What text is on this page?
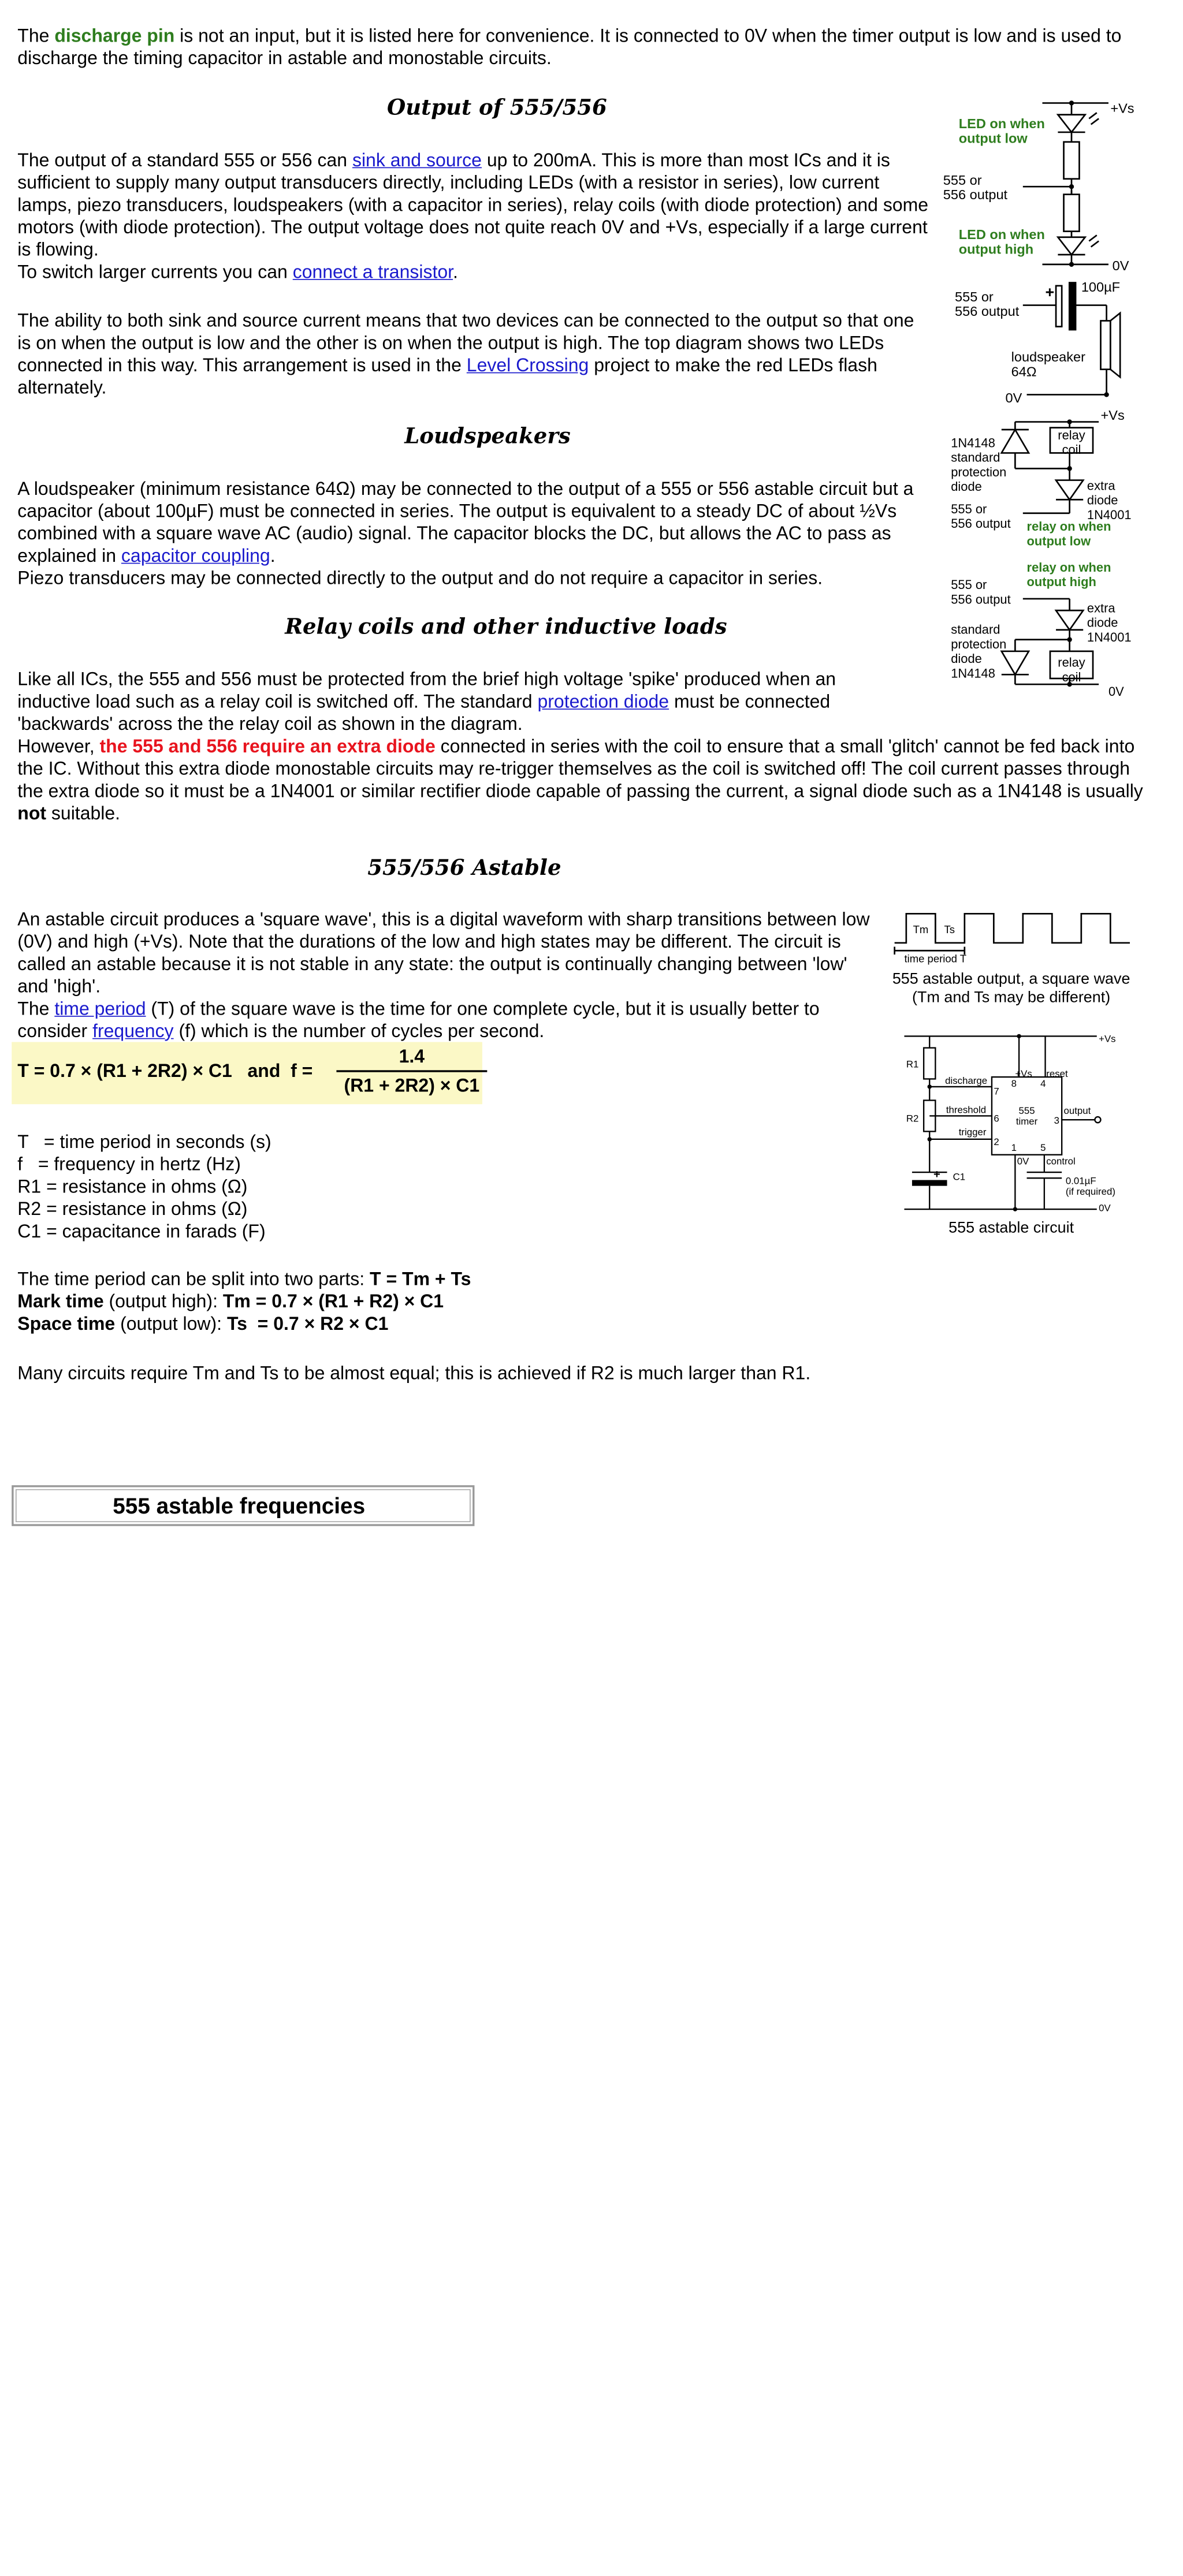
The discharge pin is not an input, but it is listed here for convenience. It is connected to 0V when the timer output is low and is used to discharge the timing capacitor in astable and monostable circuits.

Output of 555/556

The output of a standard 555 or 556 can sink and source up to 200mA. This is more than most ICs and it is sufficient to supply many output transducers directly, including LEDs (with a resistor in series), low current lamps, piezo transducers, loudspeakers (with a capacitor in series), relay coils (with diode protection) and some motors (with diode protection). The output voltage does not quite reach 0V and +Vs, especially if a large current is flowing.
To switch larger currents you can connect a transistor.

The ability to both sink and source current means that two devices can be connected to the output so that one is on when the output is low and the other is on when the output is high. The top diagram shows two LEDs connected in this way. This arrangement is used in the Level Crossing project to make the red LEDs flash alternately.

Loudspeakers

A loudspeaker (minimum resistance 64Ω) may be connected to the output of a 555 or 556 astable circuit but a capacitor (about 100µF) must be connected in series. The output is equivalent to a steady DC of about ½Vs combined with a square wave AC (audio) signal. The capacitor blocks the DC, but allows the AC to pass as explained in capacitor coupling.
Piezo transducers may be connected directly to the output and do not require a capacitor in series.

Relay coils and other inductive loads

Like all ICs, the 555 and 556 must be protected from the brief high voltage 'spike' produced when an inductive load such as a relay coil is switched off. The standard protection diode must be connected 'backwards' across the the relay coil as shown in the diagram.
However, the 555 and 556 require an extra diode connected in series with the coil to ensure that a small 'glitch' cannot be fed back into the IC. Without this extra diode monostable circuits may re-trigger themselves as the coil is switched off! The coil current passes through the extra diode so it must be a 1N4001 or similar rectifier diode capable of passing the current, a signal diode such as a 1N4148 is usually not suitable.

555/556 Astable

An astable circuit produces a 'square wave', this is a digital waveform with sharp transitions between low (0V) and high (+Vs). Note that the durations of the low and high states may be different. The circuit is called an astable because it is not stable in any state: the output is continually changing between 'low' and 'high'.
The time period (T) of the square wave is the time for one complete cycle, but it is usually better to consider frequency (f) which is the number of cycles per second.

T = 0.7 × (R1 + 2R2) × C1   and  f =
1.4
(R1 + 2R2) × C1
T   = time period in seconds (s)
f   = frequency in hertz (Hz)
R1 = resistance in ohms (Ω)
R2 = resistance in ohms (Ω)
C1 = capacitance in farads (F)
The time period can be split into two parts: T = Tm + Ts
Mark time (output high): Tm = 0.7 × (R1 + R2) × C1
Space time (output low): Ts  = 0.7 × R2 × C1

Many circuits require Tm and Ts to be almost equal; this is achieved if R2 is much larger than R1.

555 astable frequencies
+Vs
LED on when output low
555 or 556 output
LED on when output high
0V
+	100µF
555 or 556 output
loudspeaker 64Ω
0V
+Vs
1N4148 standard protection diode
relay coil
extra diode 1N4001
555 or 556 output relay on when output low
relay on when output high
555 or 556 output
extra diode 1N4001
standard protection diode 1N4148
relay coil
0V
Tm Ts
time period T
555 astable output, a square wave (Tm and Ts may be different)
+Vs
R1
R2
discharge
threshold
trigger
7
6
2
8	4
3
1	5
+Vs reset
555 timer
output
0V	control
+ C1	0.01µF (if required)
0V
555 astable circuit
